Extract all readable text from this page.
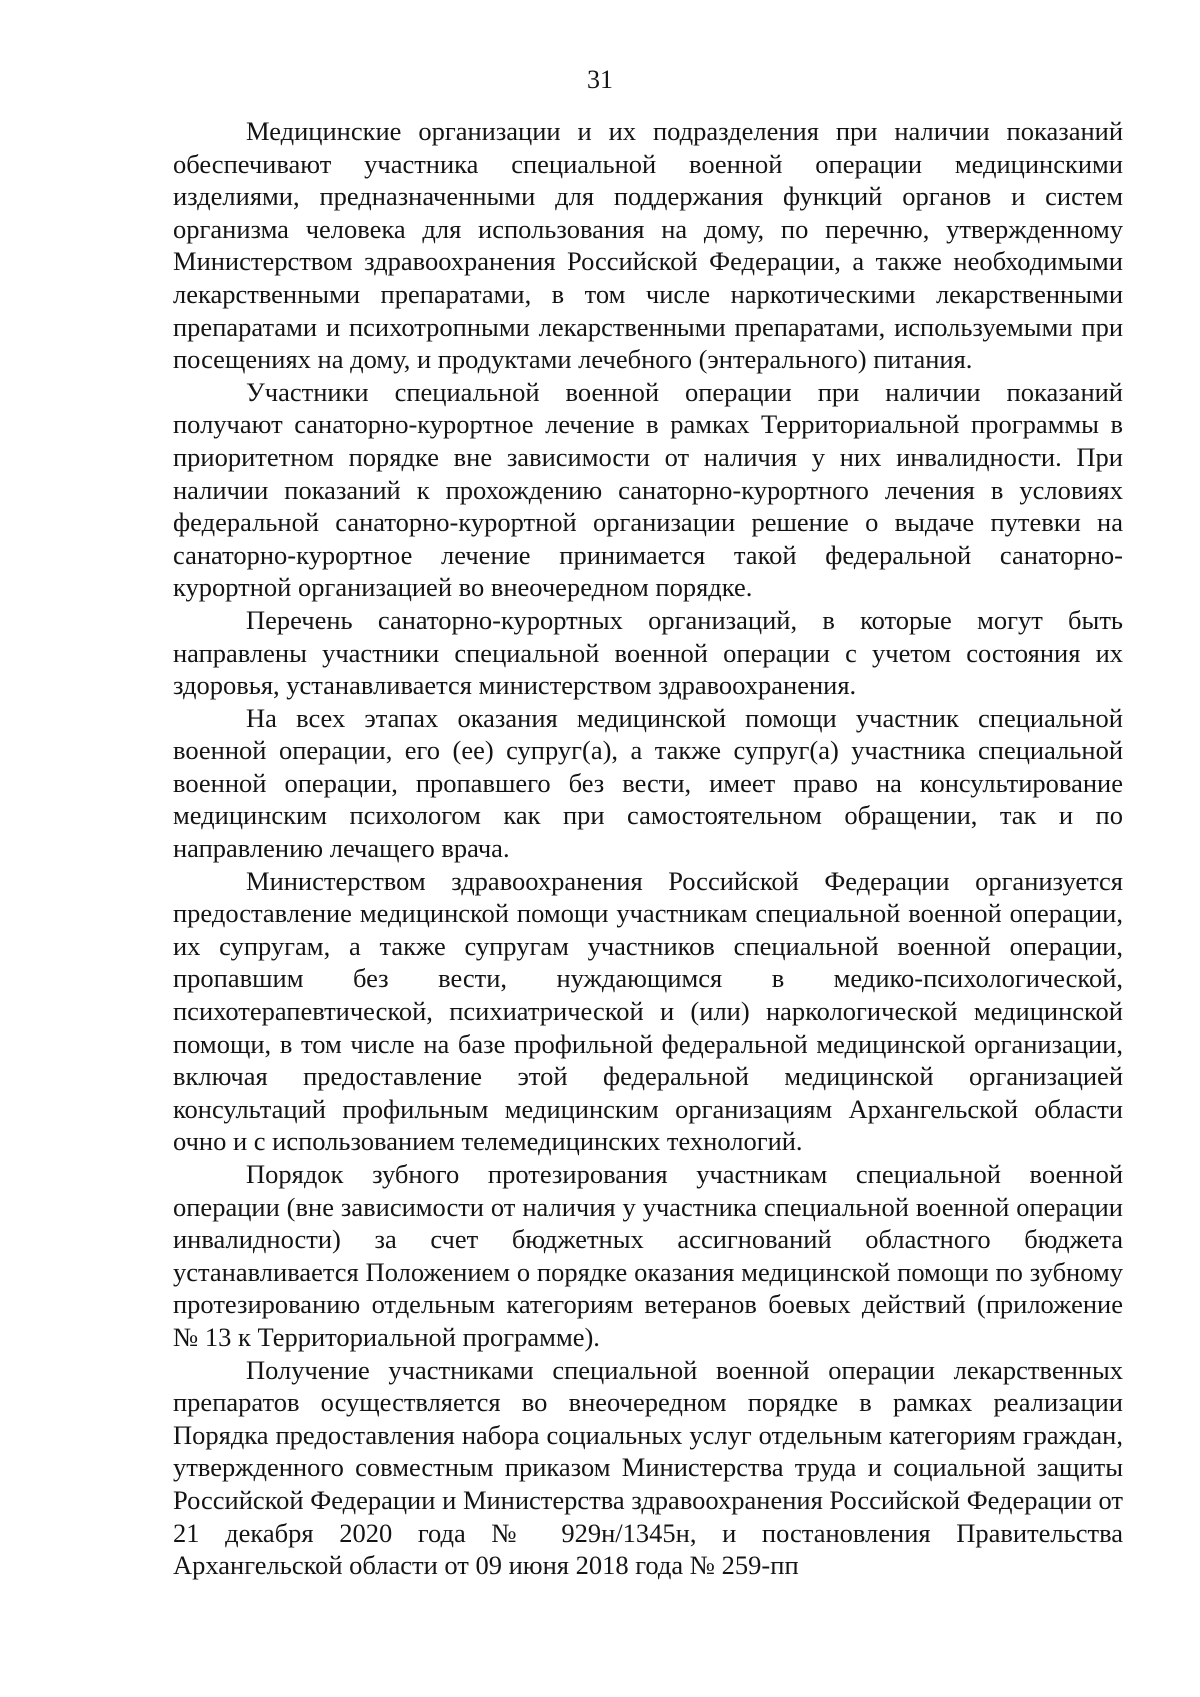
31

Медицинские организации и их подразделения при наличии показаний обеспечивают участника специальной военной операции медицинскими изделиями, предназначенными для поддержания функций органов и систем организма человека для использования на дому, по перечню, утвержденному Министерством здравоохранения Российской Федерации, а также необходимыми лекарственными препаратами, в том числе наркотическими лекарственными препаратами и психотропными лекарственными препаратами, используемыми при посещениях на дому, и продуктами лечебного (энтерального) питания.

Участники специальной военной операции при наличии показаний получают санаторно-курортное лечение в рамках Территориальной программы в приоритетном порядке вне зависимости от наличия у них инвалидности. При наличии показаний к прохождению санаторно-курортного лечения в условиях федеральной санаторно-курортной организации решение о выдаче путевки на санаторно-курортное лечение принимается такой федеральной санаторно-курортной организацией во внеочередном порядке.

Перечень санаторно-курортных организаций, в которые могут быть направлены участники специальной военной операции с учетом состояния их здоровья, устанавливается министерством здравоохранения.

На всех этапах оказания медицинской помощи участник специальной военной операции, его (ее) супруг(а), а также супруг(а) участника специальной военной операции, пропавшего без вести, имеет право на консультирование медицинским психологом как при самостоятельном обращении, так и по направлению лечащего врача.

Министерством здравоохранения Российской Федерации организуется предоставление медицинской помощи участникам специальной военной операции, их супругам, а также супругам участников специальной военной операции, пропавшим без вести, нуждающимся в медико-психологической, психотерапевтической, психиатрической и (или) наркологической медицинской помощи, в том числе на базе профильной федеральной медицинской организации, включая предоставление этой федеральной медицинской организацией консультаций профильным медицинским организациям Архангельской области очно и с использованием телемедицинских технологий.

Порядок зубного протезирования участникам специальной военной операции (вне зависимости от наличия у участника специальной военной операции инвалидности) за счет бюджетных ассигнований областного бюджета устанавливается Положением о порядке оказания медицинской помощи по зубному протезированию отдельным категориям ветеранов боевых действий (приложение № 13 к Территориальной программе).

Получение участниками специальной военной операции лекарственных препаратов осуществляется во внеочередном порядке в рамках реализации Порядка предоставления набора социальных услуг отдельным категориям граждан, утвержденного совместным приказом Министерства труда и социальной защиты Российской Федерации и Министерства здравоохранения Российской Федерации от 21 декабря 2020 года № 929н/1345н, и постановления Правительства Архангельской области от 09 июня 2018 года № 259-пп
